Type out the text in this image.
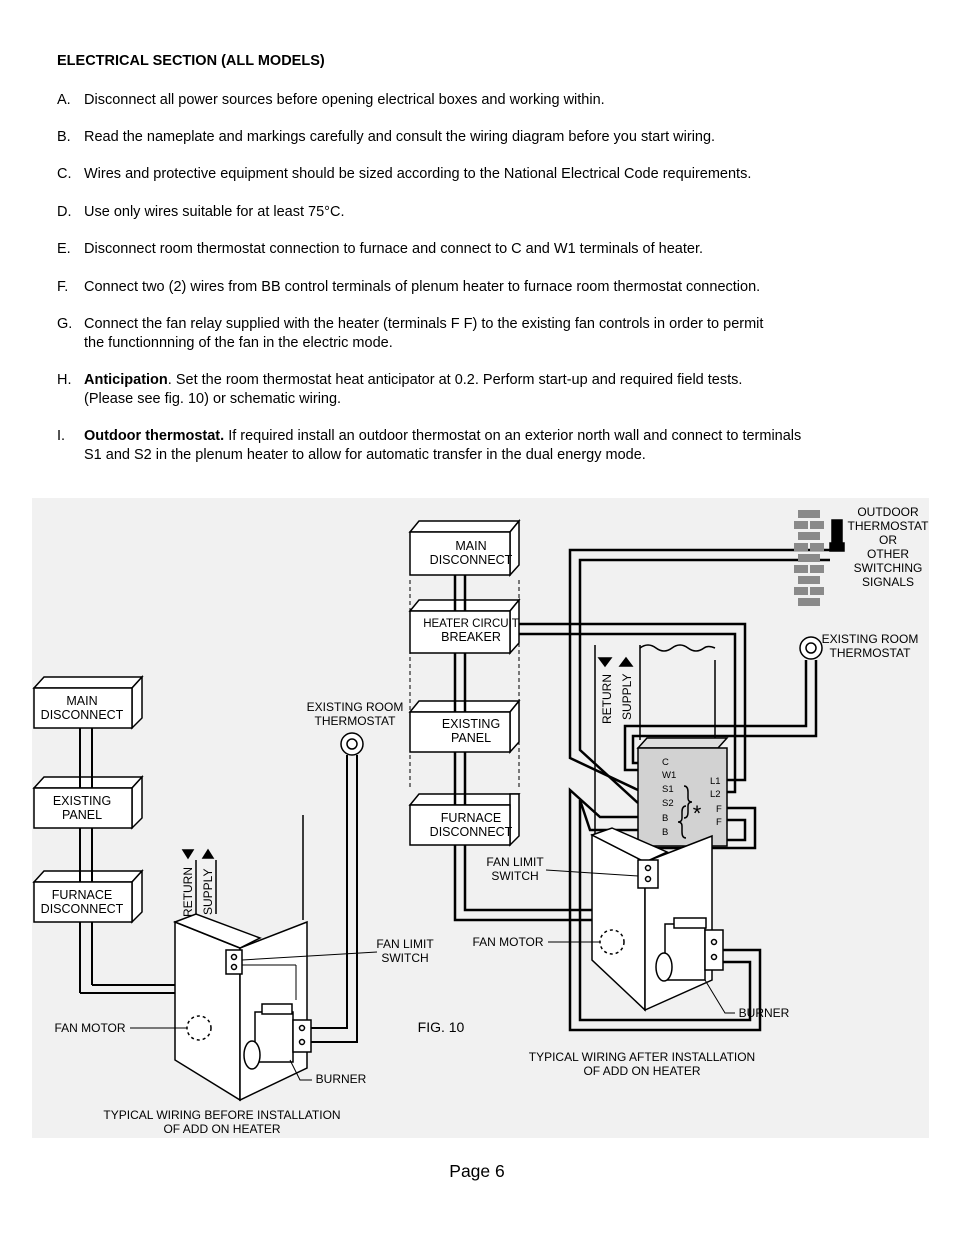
ELECTRICAL SECTION (ALL MODELS)
A. Disconnect all power sources before opening electrical boxes and working within.
B. Read the nameplate and markings carefully and consult the wiring diagram before you start wiring.
C. Wires and protective equipment should be sized according to the National Electrical Code requirements.
D. Use only wires suitable for at least 75°C.
E. Disconnect room thermostat connection to furnace and connect to C and W1 terminals of heater.
F. Connect two (2) wires from BB control terminals of plenum heater to furnace room thermostat connection.
G. Connect the fan relay supplied with the heater (terminals F F) to the existing fan controls in order to permit
the functionnning of the fan in the electric mode.
H. Anticipation. Set the room thermostat heat anticipator at 0.2. Perform start-up and required field tests.
(Please see fig. 10) or schematic wiring.
I. Outdoor thermostat. If required install an outdoor thermostat on an exterior north wall and connect to terminals
S1 and S2 in the plenum heater to allow for automatic transfer in the dual energy mode.
MAIN
DISCONNECT
EXISTING
PANEL
FURNACE
DISCONNECT
EXISTING ROOM
THERMOSTAT
FAN LIMIT
SWITCH
FAN MOTOR
BURNER
TYPICAL WIRING BEFORE INSTALLATION
OF ADD ON HEATER
RETURN SUPPLY
FIG. 10
MAIN
DISCONNECT
HEATER CIRCUIT
BREAKER
EXISTING
PANEL
FURNACE
DISCONNECT
OUTDOOR
THERMOSTAT
OR
OTHER
SWITCHING
SIGNALS
EXISTING ROOM
THERMOSTAT
FAN LIMIT
SWITCH
FAN MOTOR
BURNER
TYPICAL WIRING AFTER INSTALLATION
OF ADD ON HEATER
RETURN SUPPLY
C
W1
S1
S2
B
B
L1
L2
F
F
*
Page 6
